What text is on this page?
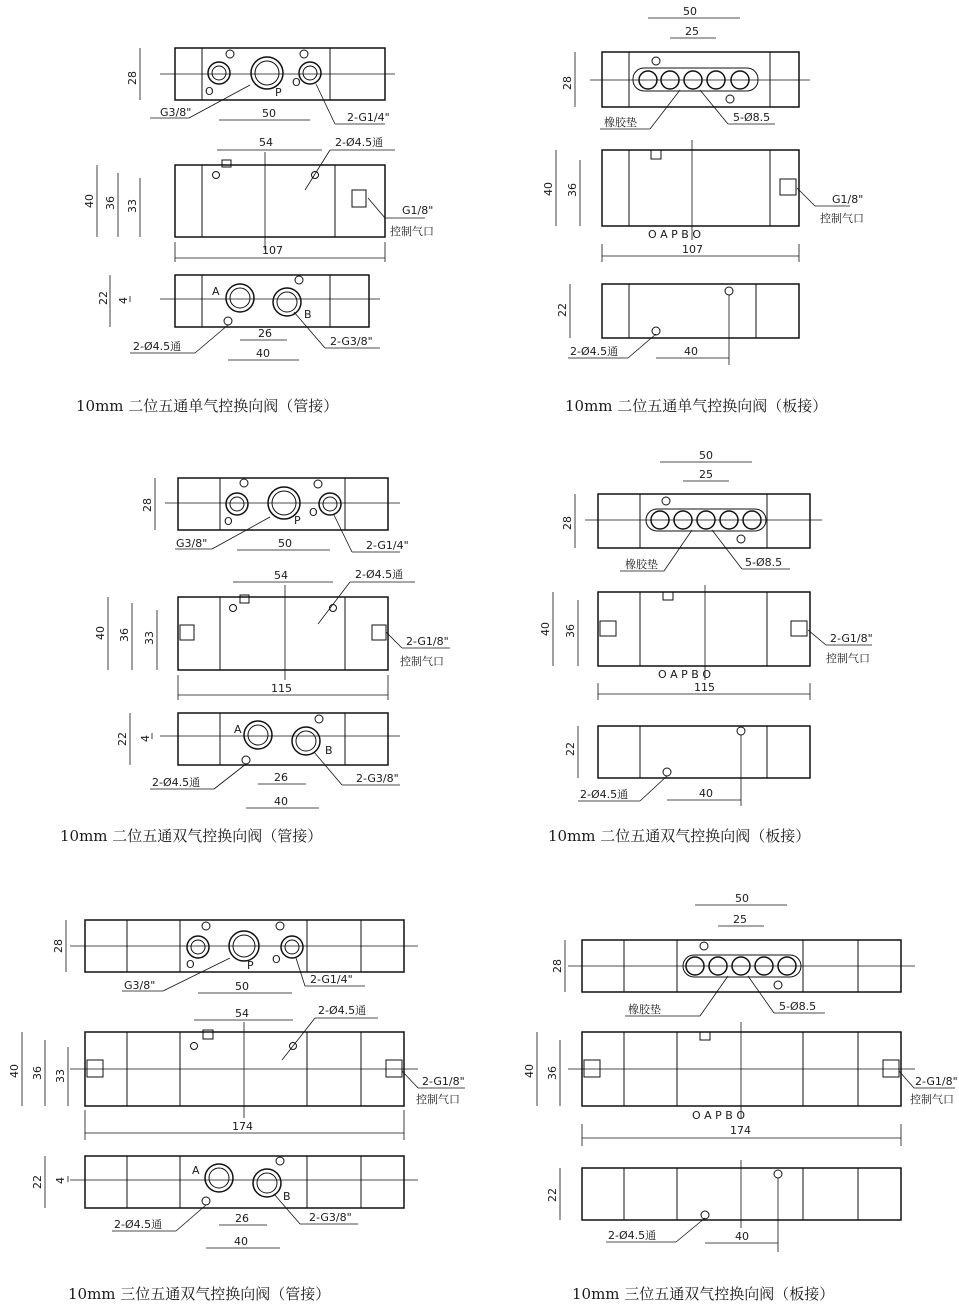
O	P
O
28
50
G3/8"	2-G1/4"
54	2-Ø4.5通
40 36 33
107
G1/8"
控制气口
A
B
22 4
26
40
2-Ø4.5通	2-G3/8"
10mm 二位五通单气控换向阀（管接）
50
25
28
橡胶垫	5-Ø8.5
O A P B O
40 36
107
G1/8"
控制气口
22
40
2-Ø4.5通
10mm 二位五通单气控换向阀（板接）
O	P
O
28
50
G3/8"	2-G1/4"
54	2-Ø4.5通
40 36 33
115
2-G1/8"
控制气口
A
B
22 4
26
40
2-Ø4.5通	2-G3/8"
10mm 二位五通双气控换向阀（管接）
50
25
28
橡胶垫	5-Ø8.5
O A P B O
40 36
115
2-G1/8"
控制气口
22
40
2-Ø4.5通
10mm 二位五通双气控换向阀（板接）
O	P O
28
50
G3/8"	2-G1/4"
54	2-Ø4.5通
40 36 33
174
2-G1/8"
控制气口
A
B
22 4
26
40
2-Ø4.5通
2-G3/8"
10mm 三位五通双气控换向阀（管接）
50
25
28
橡胶垫	5-Ø8.5
O A P B O
40 36
174
2-G1/8"
控制气口
22
40
2-Ø4.5通
10mm 三位五通双气控换向阀（板接）
